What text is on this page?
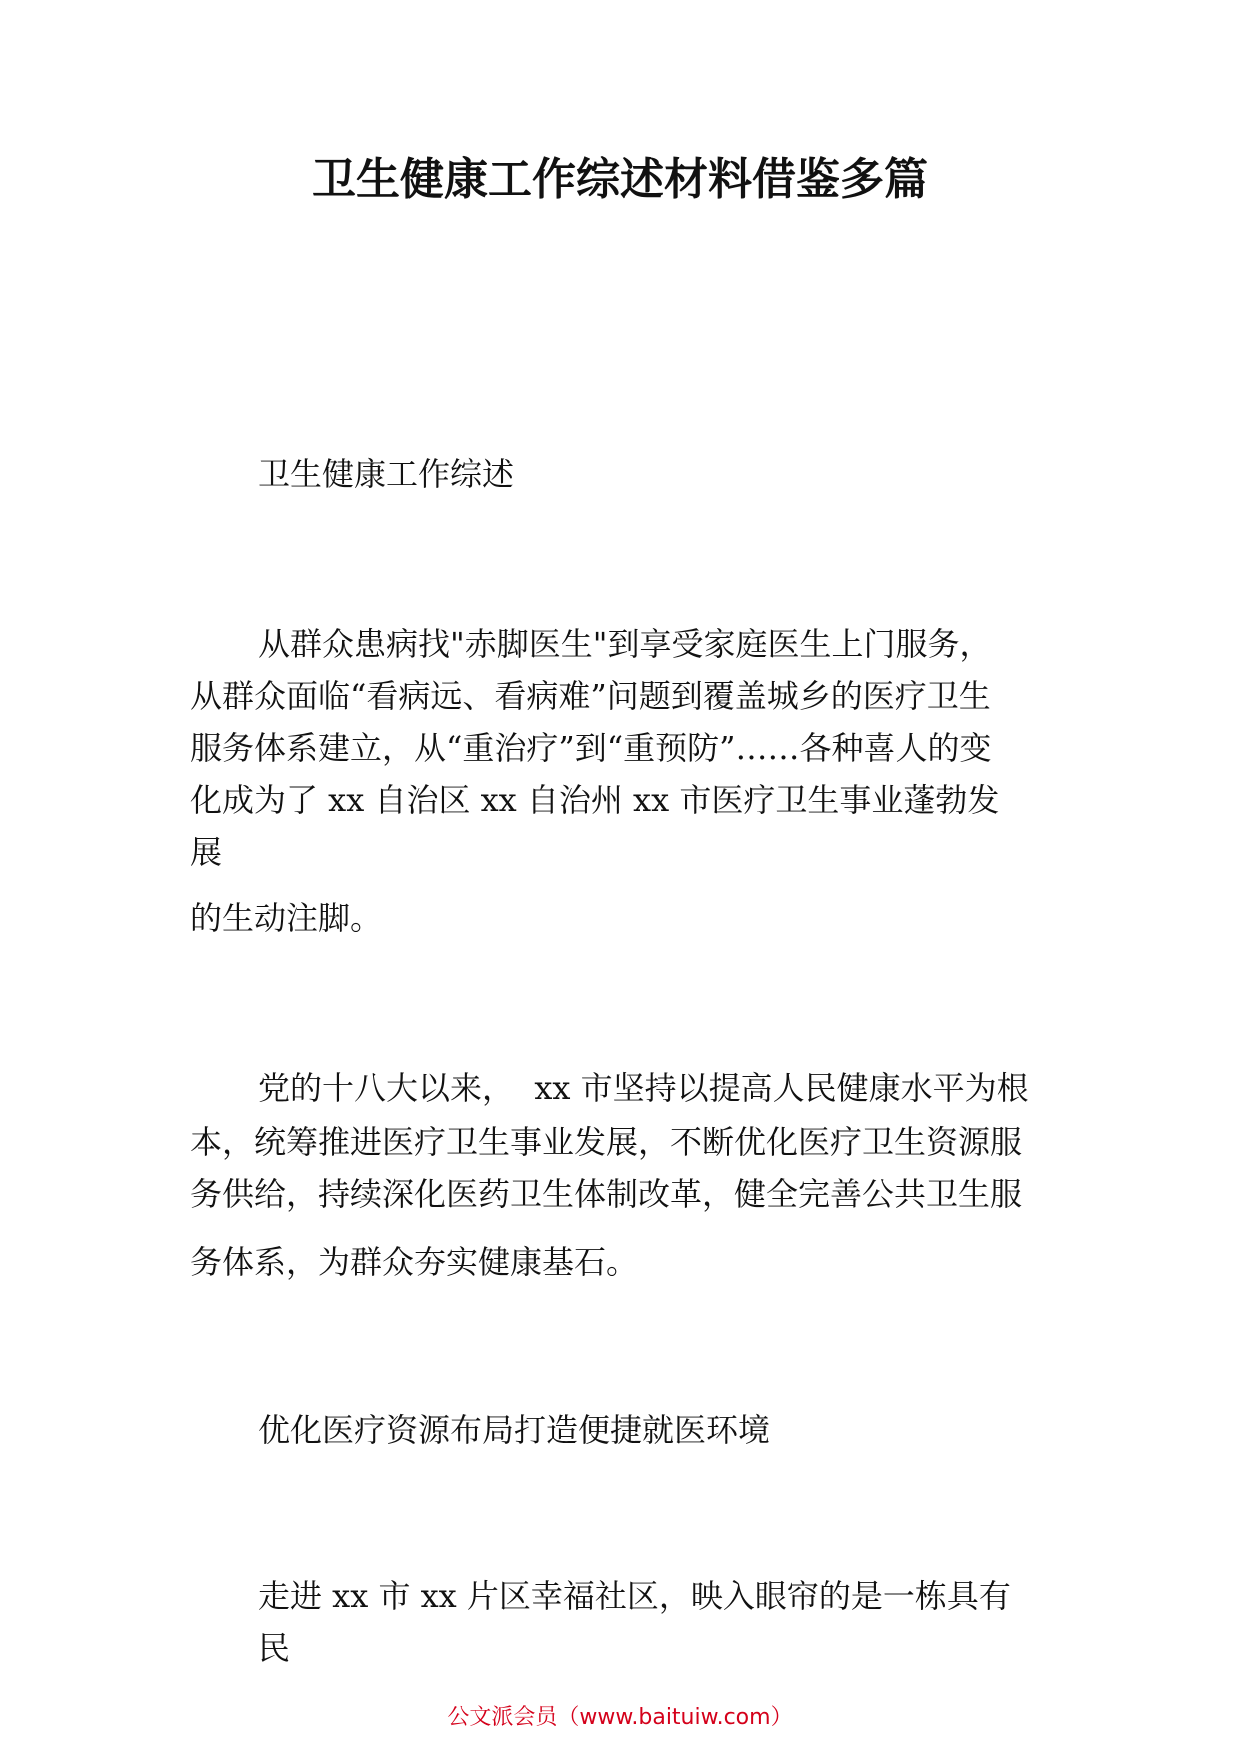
卫生健康工作综述材料借鉴多篇

卫生健康工作综述

从群众患病找"赤脚医生"到享受家庭医生上门服务，

从群众面临“看病远、看病难”问题到覆盖城乡的医疗卫生

服务体系建立，从“重治疗”到“重预防”……各种喜人的变

化成为了 xx 自治区 xx 自治州 xx 市医疗卫生事业蓬勃发

展

的生动注脚。

党的十八大以来，  xx 市坚持以提高人民健康水平为根

本，统筹推进医疗卫生事业发展，不断优化医疗卫生资源服

务供给，持续深化医药卫生体制改革，健全完善公共卫生服

务体系，为群众夯实健康基石。

优化医疗资源布局打造便捷就医环境

走进 xx 市 xx 片区幸福社区，映入眼帘的是一栋具有

民

公文派会员（www.baituiw.com）
